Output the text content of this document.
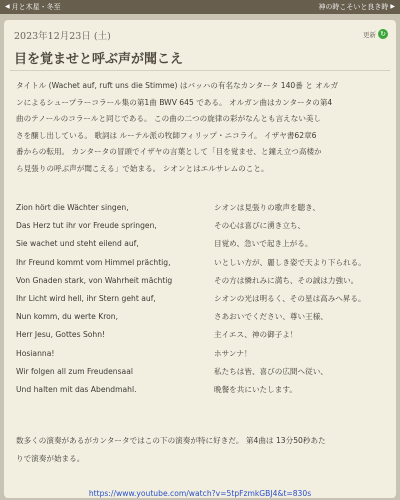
◀ 月と木星・冬至	神の時こそいと良き時 ▶
2023年12月23日 (土)	更新 ↻
目を覚ませと呼ぶ声が聞こえ

タイトル (Wachet auf, ruft uns die Stimme) はバッハの有名なカンタータ 140番 と オルガ

ンによるシュープラーコラール集の第1曲 BWV 645 である。 オルガン曲はカンタータの第4

曲のテノールのコラールと同じである。 この曲の二つの旋律の彩がなんとも言えない美し

さを醸し出している。 歌詞は ルーテル派の牧師フィリップ・ニコライ。 イザヤ書62章6

番からの転用。 カンタータの冒頭でイザヤの言葉として「目を覚ませ、と鐘え立つ高楼か

ら見張りの呼ぶ声が聞こえる」で始まる。 シオンとはエルサレムのこと。

Zion hört die Wächter singen,	シオンは見張りの歌声を聴き、
Das Herz tut ihr vor Freude springen,	その心は喜びに湧き立ち、
Sie wachet und steht eilend auf,	目覚め、急いで起き上がる。
Ihr Freund kommt vom Himmel prächtig,	いとしい方が、麗しき姿で天より下られる。
Von Gnaden stark, von Wahrheit mächtig	その方は憐れみに満ち、その誠は力強い。
Ihr Licht wird hell, ihr Stern geht auf,	シオンの光は明るく、その星は高みへ昇る。
Nun komm, du werte Kron,	さあおいでください、尊い王様、
Herr Jesu, Gottes Sohn!	主イエス、神の御子よ！
Hosianna!	ホサンナ！
Wir folgen all zum Freudensaal	私たちは皆、喜びの広間へ従い、
Und halten mit das Abendmahl.	晩餐を共にいたします。

数多くの演奏があるがカンタータではこの下の演奏が特に好きだ。 第4曲は 13分50秒あた

りで演奏が始まる。

https://www.youtube.com/watch?v=5tpFzmkGBJ4&t=830s
